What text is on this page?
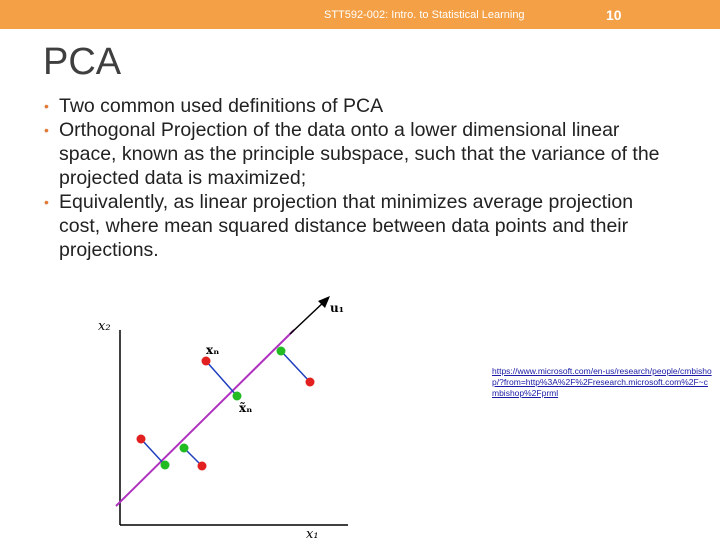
STT592-002: Intro. to Statistical Learning	10
PCA
• Two common used definitions of PCA
• Orthogonal Projection of the data onto a lower dimensional linear space, known as the principle subspace, such that the variance of the projected data is maximized;
• Equivalently, as linear projection that minimizes average projection cost, where mean squared distance between data points and their projections.
x₂
x₁
u₁
xₙ
x̃ₙ
https://www.microsoft.com/en-us/research/people/cmbishop/?from=http%3A%2F%2Fresearch.microsoft.com%2F~cmbishop%2Fprml
